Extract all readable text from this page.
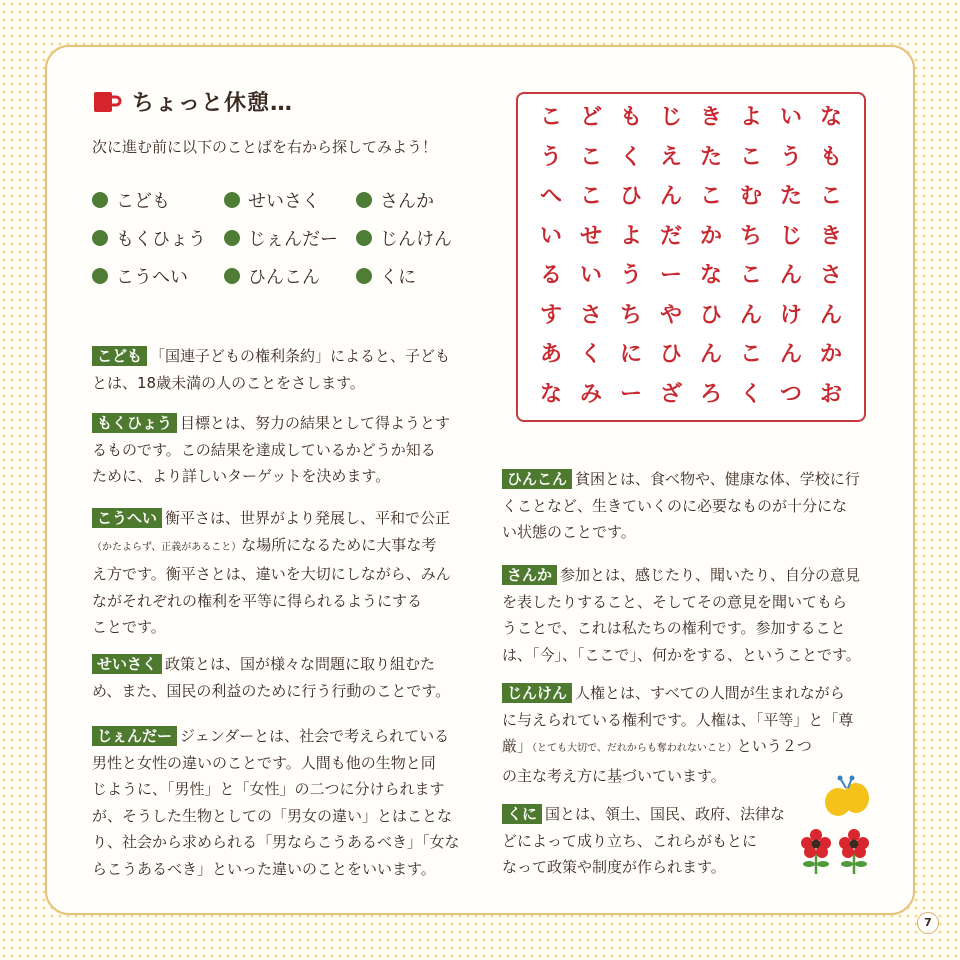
ちょっと休憩…
次に進む前に以下のことばを右から探してみよう！
こども	せいさく	さんか
もくひょう じぇんだー じんけん
こうへい	ひんこん	くに
こ ど も じ き よ い な
う こ く え た こ う も
へ こ ひ ん こ む た こ
い せ よ だ か ち じ き
る い う ー な こ ん さ
す さ ち や ひ ん け ん
あ く に ひ ん こ ん か
な み ー ざ ろ く つ お
こども 「国連子どもの権利条約」によると、子ども
とは、18歳未満の人のことをさします。
もくひょう 目標とは、努力の結果として得ようとす
るものです。この結果を達成しているかどうか知る
ために、より詳しいターゲットを決めます。
こうへい 衡平さは、世界がより発展し、平和で公正
（かたよらず、正義があること）な場所になるために大事な考
え方です。衡平さとは、違いを大切にしながら、みん
ながそれぞれの権利を平等に得られるようにする
ことです。
せいさく 政策とは、国が様々な問題に取り組むた
め、また、国民の利益のために行う行動のことです。
じぇんだー ジェンダーとは、社会で考えられている
男性と女性の違いのことです。人間も他の生物と同
じように、「男性」と「女性」の二つに分けられます
が、そうした生物としての「男女の違い」とはことな
り、社会から求められる「男ならこうあるべき」「女な
らこうあるべき」といった違いのことをいいます。
ひんこん 貧困とは、食べ物や、健康な体、学校に行
くことなど、生きていくのに必要なものが十分にな
い状態のことです。
さんか 参加とは、感じたり、聞いたり、自分の意見
を表したりすること、そしてその意見を聞いてもら
うことで、これは私たちの権利です。参加すること
は、「今」、「ここで」、何かをする、ということです。
じんけん 人権とは、すべての人間が生まれながら
に与えられている権利です。人権は、「平等」と「尊
厳」（とても大切で、だれからも奪われないこと）という２つ
の主な考え方に基づいています。
くに 国とは、領土、国民、政府、法律な
どによって成り立ち、これらがもとに
なって政策や制度が作られます。
7
